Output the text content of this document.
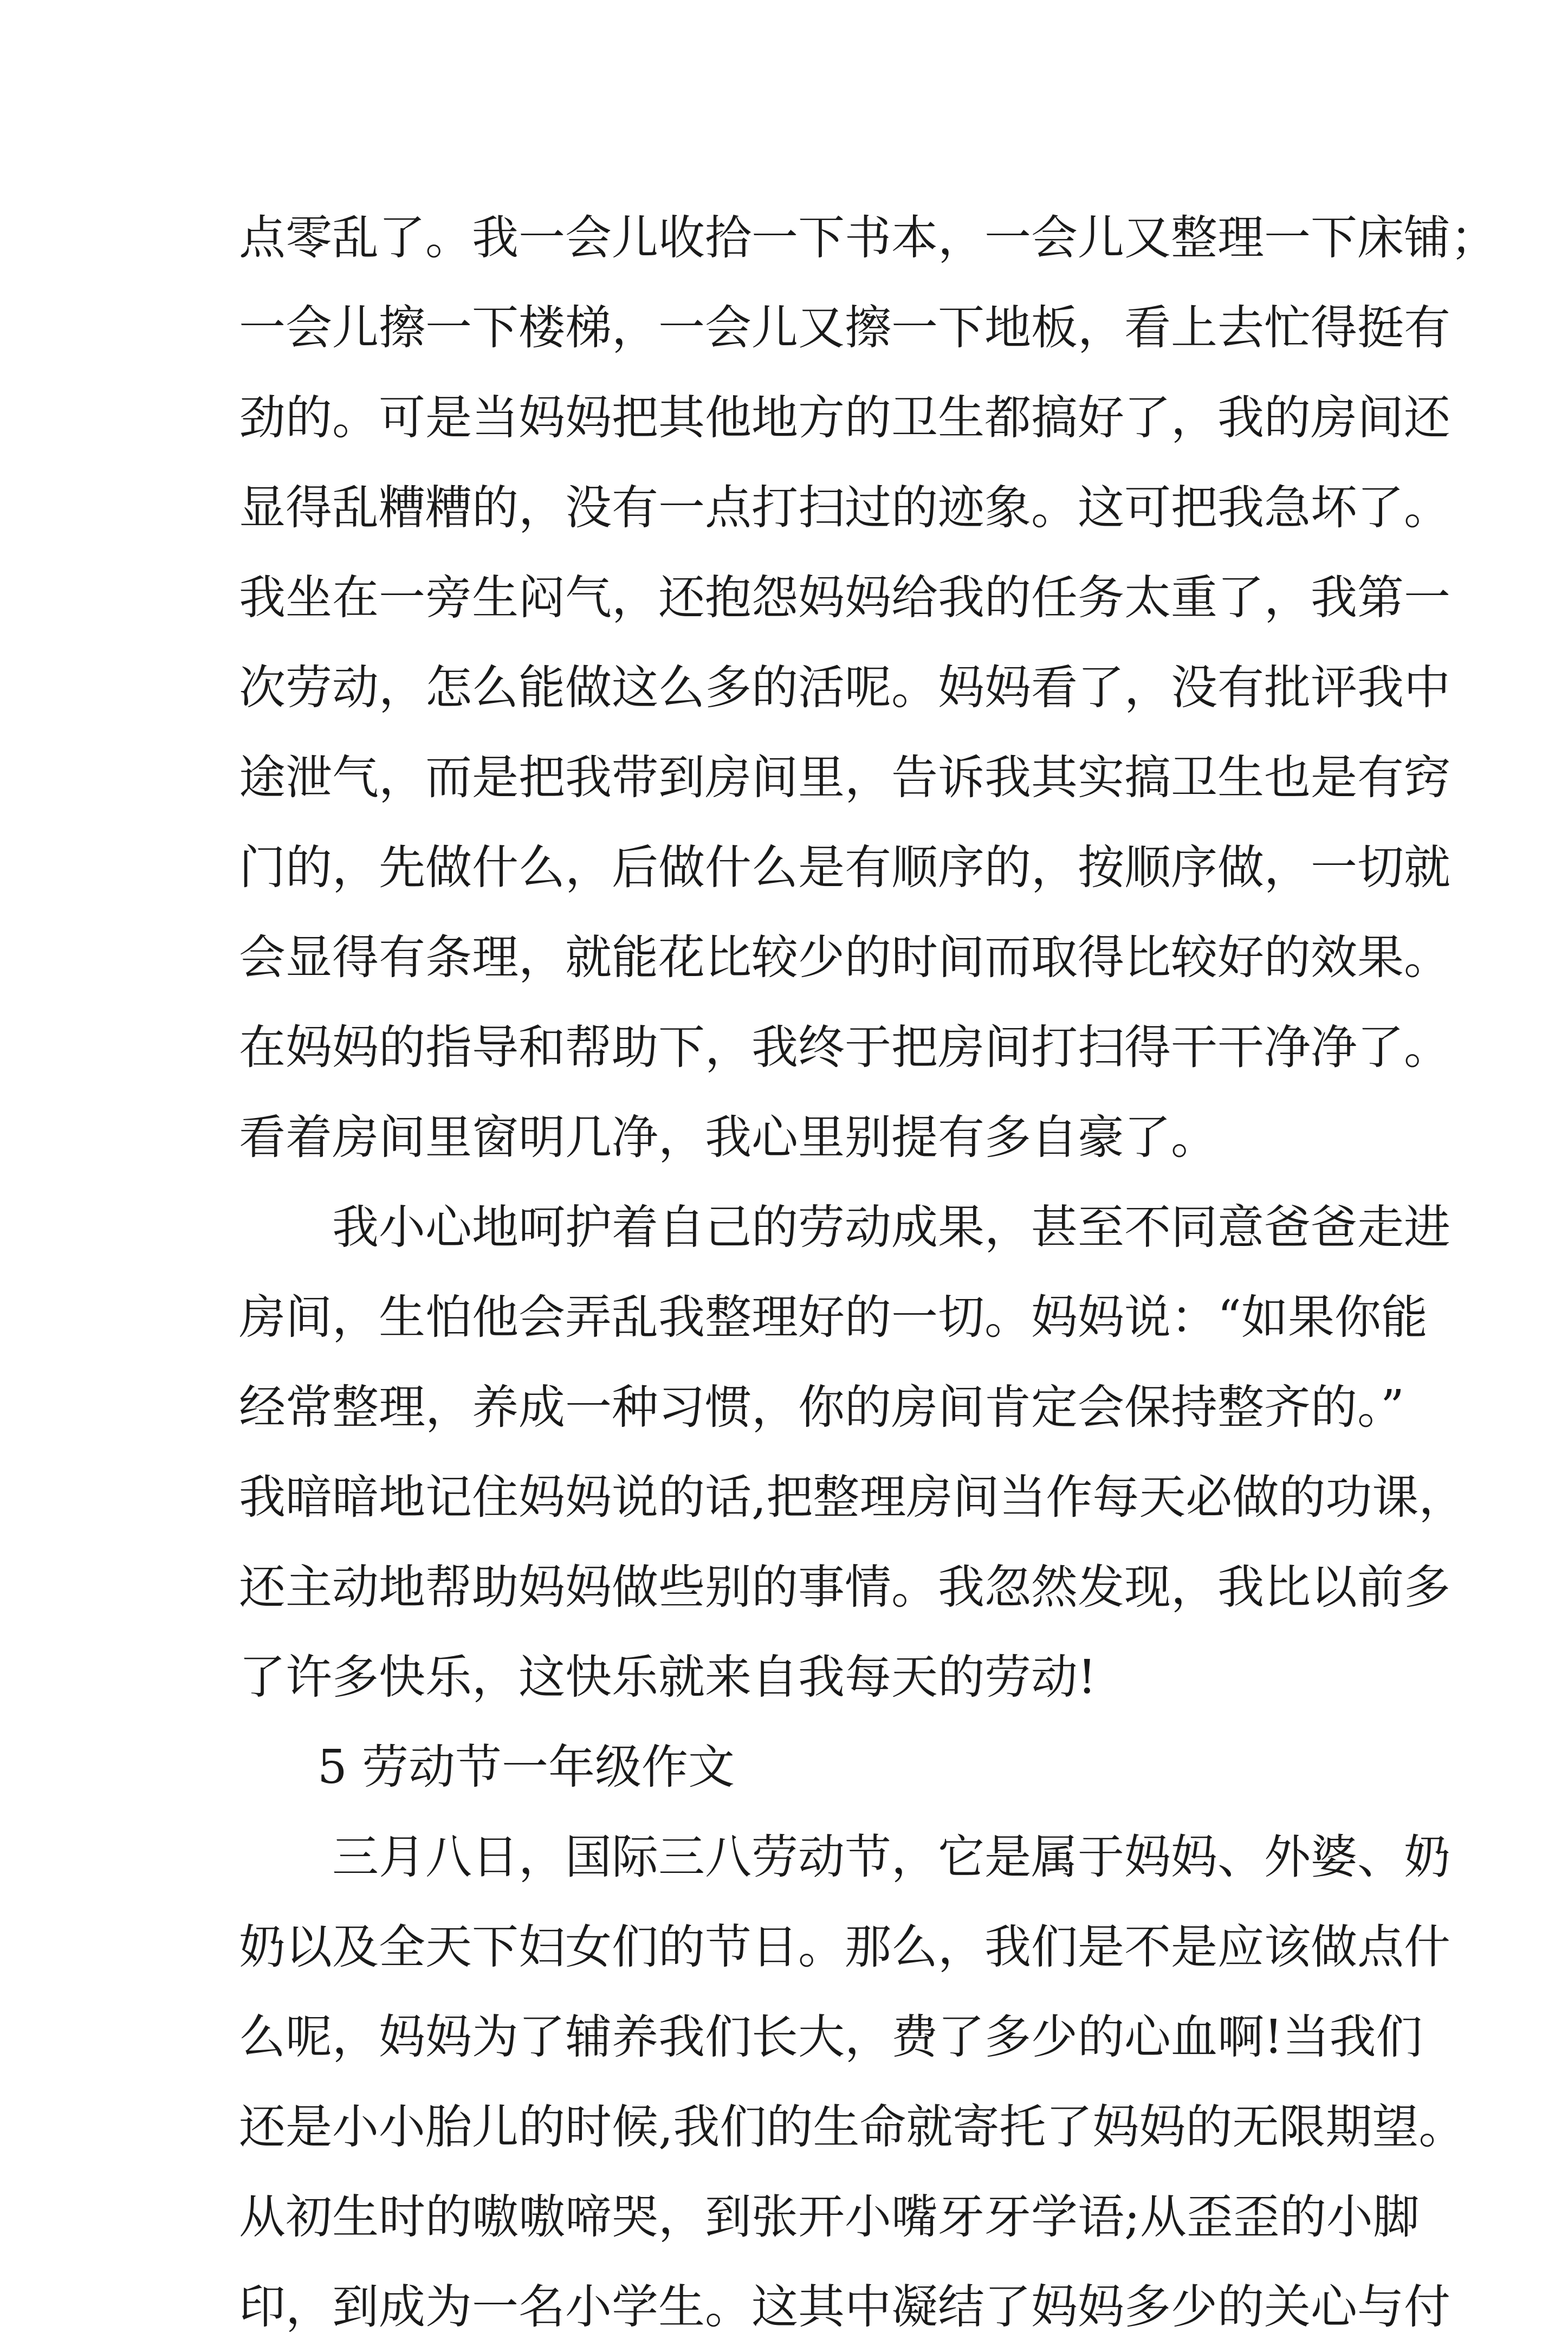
点零乱了。我一会儿收拾一下书本，一会儿又整理一下床铺；
一会儿擦一下楼梯，一会儿又擦一下地板，看上去忙得挺有
劲的。可是当妈妈把其他地方的卫生都搞好了，我的房间还
显得乱糟糟的，没有一点打扫过的迹象。这可把我急坏了。
我坐在一旁生闷气，还抱怨妈妈给我的任务太重了，我第一
次劳动，怎么能做这么多的活呢。妈妈看了，没有批评我中
途泄气，而是把我带到房间里，告诉我其实搞卫生也是有窍
门的，先做什么，后做什么是有顺序的，按顺序做，一切就
会显得有条理，就能花比较少的时间而取得比较好的效果。
在妈妈的指导和帮助下，我终于把房间打扫得干干净净了。
看着房间里窗明几净，我心里别提有多自豪了。
我小心地呵护着自己的劳动成果，甚至不同意爸爸走进
房间，生怕他会弄乱我整理好的一切。妈妈说：“如果你能
经常整理，养成一种习惯，你的房间肯定会保持整齐的。”
我暗暗地记住妈妈说的话,把整理房间当作每天必做的功课，
还主动地帮助妈妈做些别的事情。我忽然发现，我比以前多
了许多快乐，这快乐就来自我每天的劳动!
5 劳动节一年级作文
三月八日，国际三八劳动节，它是属于妈妈、外婆、奶
奶以及全天下妇女们的节日。那么，我们是不是应该做点什
么呢，妈妈为了辅养我们长大，费了多少的心血啊!当我们
还是小小胎儿的时候,我们的生命就寄托了妈妈的无限期望。
从初生时的嗷嗷啼哭，到张开小嘴牙牙学语;从歪歪的小脚
印，到成为一名小学生。这其中凝结了妈妈多少的关心与付
